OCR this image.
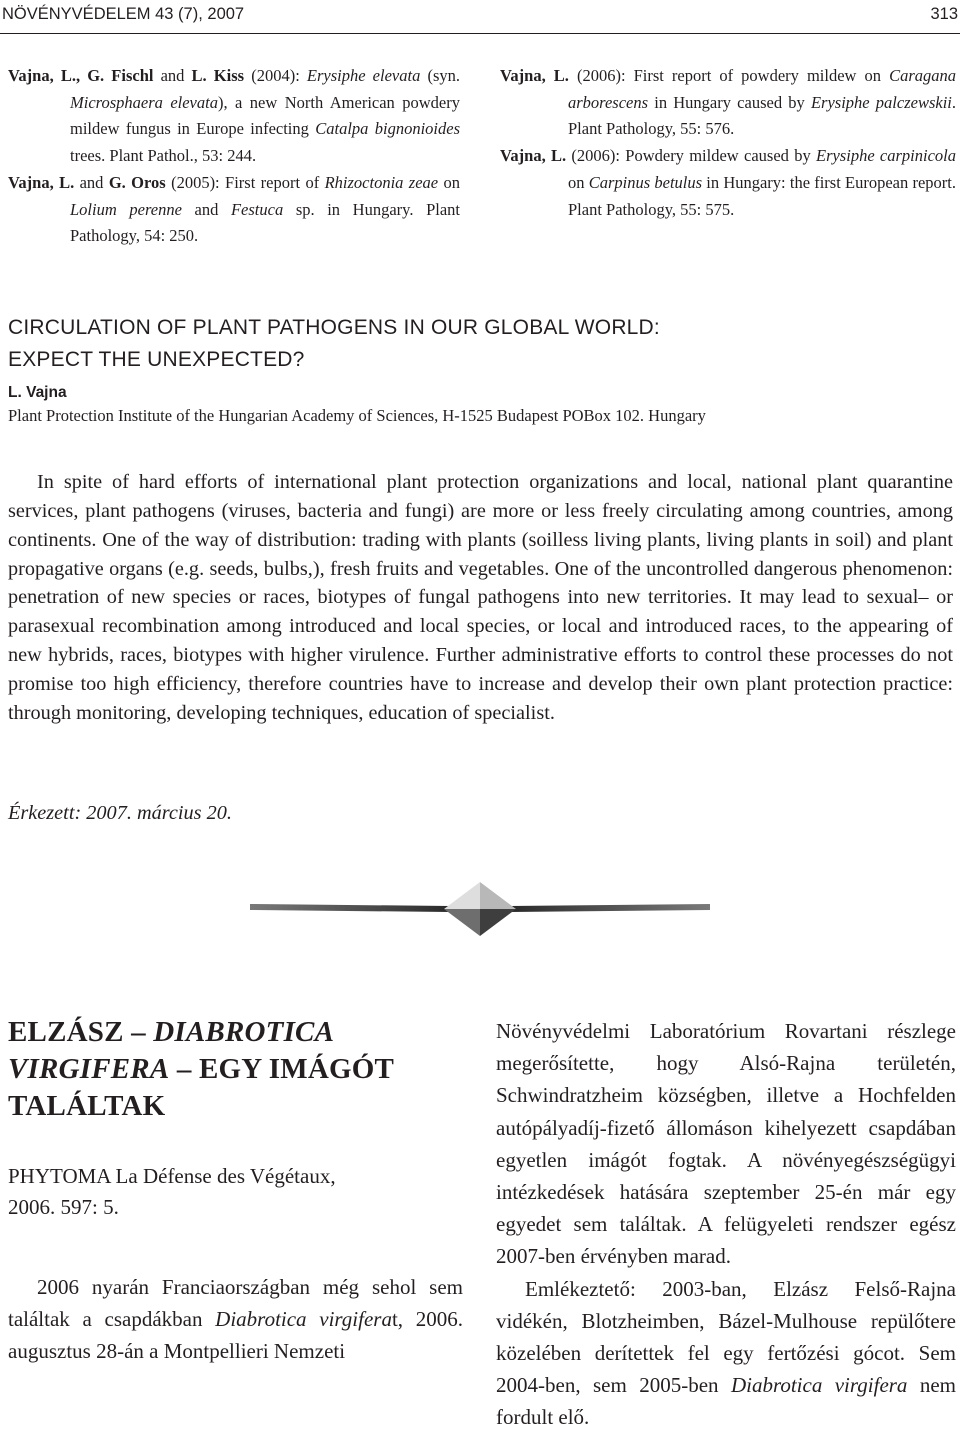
NÖVÉNYVÉDELEM 43 (7), 2007	313
Vajna, L., G. Fischl and L. Kiss (2004): Erysiphe elevata (syn. Microsphaera elevata), a new North American powdery mildew fungus in Europe infecting Catalpa bignonioides trees. Plant Pathol., 53: 244.
Vajna, L. and G. Oros (2005): First report of Rhizoctonia zeae on Lolium perenne and Festuca sp. in Hungary. Plant Pathology, 54: 250.
Vajna, L. (2006): First report of powdery mildew on Caragana arborescens in Hungary caused by Erysiphe palczewskii. Plant Pathology, 55: 576.
Vajna, L. (2006): Powdery mildew caused by Erysiphe carpinicola on Carpinus betulus in Hungary: the first European report. Plant Pathology, 55: 575.
CIRCULATION OF PLANT PATHOGENS IN OUR GLOBAL WORLD:
EXPECT THE UNEXPECTED?
L. Vajna
Plant Protection Institute of the Hungarian Academy of Sciences, H-1525 Budapest POBox 102. Hungary
In spite of hard efforts of international plant protection organizations and local, national plant quarantine services, plant pathogens (viruses, bacteria and fungi) are more or less freely circulating among countries, among continents. One of the way of distribution: trading with plants (soilless living plants, living plants in soil) and plant propagative organs (e.g. seeds, bulbs,), fresh fruits and vegetables. One of the uncontrolled dangerous phenomenon: penetration of new species or races, biotypes of fungal pathogens into new territories. It may lead to sexual– or parasexual recombination among introduced and local species, or local and introduced races, to the appearing of new hybrids, races, biotypes with higher virulence. Further administrative efforts to control these processes do not promise too high efficiency, therefore countries have to increase and develop their own plant protection practice: through monitoring, developing techniques, education of specialist.
Érkezett: 2007. március 20.
ELZÁSZ – DIABROTICA VIRGIFERA – EGY IMÁGÓT TALÁLTAK
PHYTOMA La Défense des Végétaux,
2006. 597: 5.
2006 nyarán Franciaországban még sehol sem találtak a csapdákban Diabrotica virgiferat, 2006. augusztus 28-án a Montpellieri Nemzeti
Növényvédelmi Laboratórium Rovartani részlege megerősítette, hogy Alsó-Rajna területén, Schwindratzheim községben, illetve a Hochfelden autópályadíj-fizető állomáson kihelyezett csapdában egyetlen imágót fogtak. A növényegészségügyi intézkedések hatására szeptember 25-én már egy egyedet sem találtak. A felügyeleti rendszer egész 2007-ben érvényben marad.
Emlékeztető: 2003-ban, Elzász Felső-Rajna vidékén, Blotzheimben, Bázel-Mulhouse repülőtere közelében derítettek fel egy fertőzési gócot. Sem 2004-ben, sem 2005-ben Diabrotica virgifera nem fordult elő.
